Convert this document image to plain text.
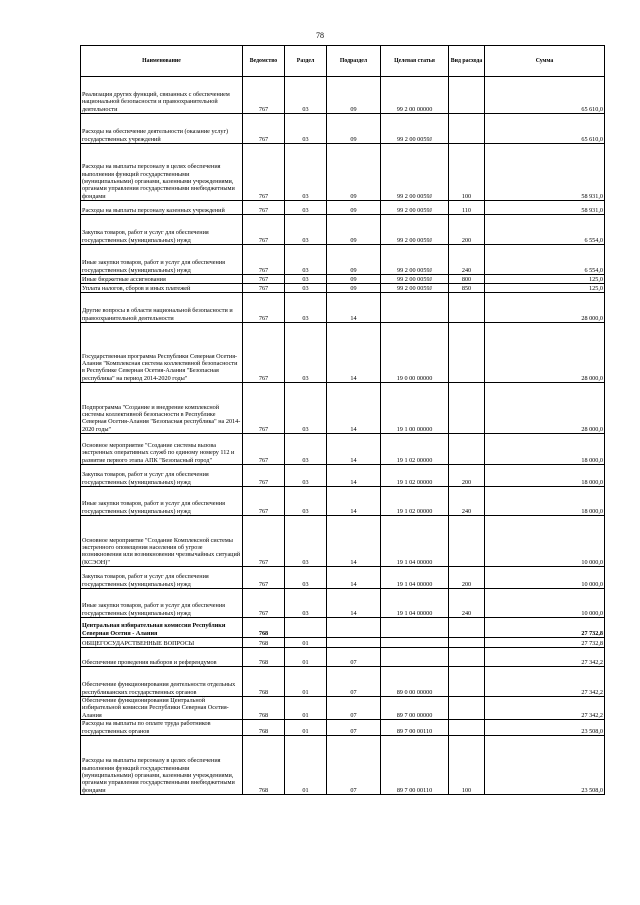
78
Наименование	Ведомство	Раздел	Подраздел	Целевая статья	Вид расхода	Сумма
Реализация других функций, связанных с обеспечением национальной безопасности и правоохранительной деятельности	767	03	09	99 2 00 00000		65 610,0
Расходы на обеспечение деятельности (оказание услуг) государственных учреждений	767	03	09	99 2 00 0059J		65 610,0
Расходы на выплаты персоналу в целях обеспечения выполнения функций государственными (муниципальными) органами, казенными учреждениями, органами управления государственными внебюджетными фондами	767	03	09	99 2 00 0059J	100	58 931,0
Расходы на выплаты персоналу казенных учреждений	767	03	09	99 2 00 0059J	110	58 931,0
Закупка товаров, работ и услуг для обеспечения государственных (муниципальных) нужд	767	03	09	99 2 00 0059J	200	6 554,0
Иные закупки товаров, работ и услуг для обеспечения государственных (муниципальных) нужд	767	03	09	99 2 00 0059J	240	6 554,0
Иные бюджетные ассигнования	767	03	09	99 2 00 0059J	800	125,0
Уплата налогов, сборов и иных платежей	767	03	09	99 2 00 0059J	850	125,0
Другие вопросы в области национальной безопасности и правоохранительной деятельности	767	03	14			28 000,0
Государственная программа Республики Северная Осетия-Алания "Комплексная система коллективной безопасности в Республике Северная Осетия-Алания "Безопасная республика" на период 2014-2020 годы"	767	03	14	19 0 00 00000		28 000,0
Подпрограмма "Создание и внедрение комплексной системы коллективной безопасности в Республике Северная Осетия-Алания "Безопасная республика" на 2014-2020 годы"	767	03	14	19 1 00 00000		28 000,0
Основное мероприятие "Создание системы вызова экстренных оперативных служб по единому номеру 112 и развитие первого этапа АПК "Безопасный город"	767	03	14	19 1 02 00000		18 000,0
Закупка товаров, работ и услуг для обеспечения государственных (муниципальных) нужд	767	03	14	19 1 02 00000	200	18 000,0
Иные закупки товаров, работ и услуг для обеспечения государственных (муниципальных) нужд	767	03	14	19 1 02 00000	240	18 000,0
Основное мероприятие "Создание Комплексной системы экстренного оповещения населения об угрозе возникновения или возникновении чрезвычайных ситуаций (КСЭОН)"	767	03	14	19 1 04 00000		10 000,0
Закупка товаров, работ и услуг для обеспечения государственных (муниципальных) нужд	767	03	14	19 1 04 00000	200	10 000,0
Иные закупки товаров, работ и услуг для обеспечения государственных (муниципальных) нужд	767	03	14	19 1 04 00000	240	10 000,0
Центральная избирательная комиссия Республики Северная Осетия - Алания	768					27 732,8
ОБЩЕГОСУДАРСТВЕННЫЕ ВОПРОСЫ	768	01				27 732,8
Обеспечение проведения выборов и референдумов	768	01	07			27 342,2
Обеспечение функционирования деятельности отдельных республиканских государственных органов	768	01	07	89 0 00 00000		27 342,2
Обеспечение функционирования Центральной избирательной комиссии Республики Северная Осетия-Алания	768	01	07	89 7 00 00000		27 342,2
Расходы на выплаты по оплате труда работников государственных органов	768	01	07	89 7 00 00110		23 508,0
Расходы на выплаты персоналу в целях обеспечения выполнения функций государственными (муниципальными) органами, казенными учреждениями, органами управления государственными внебюджетными фондами	768	01	07	89 7 00 00110	100	23 508,0
